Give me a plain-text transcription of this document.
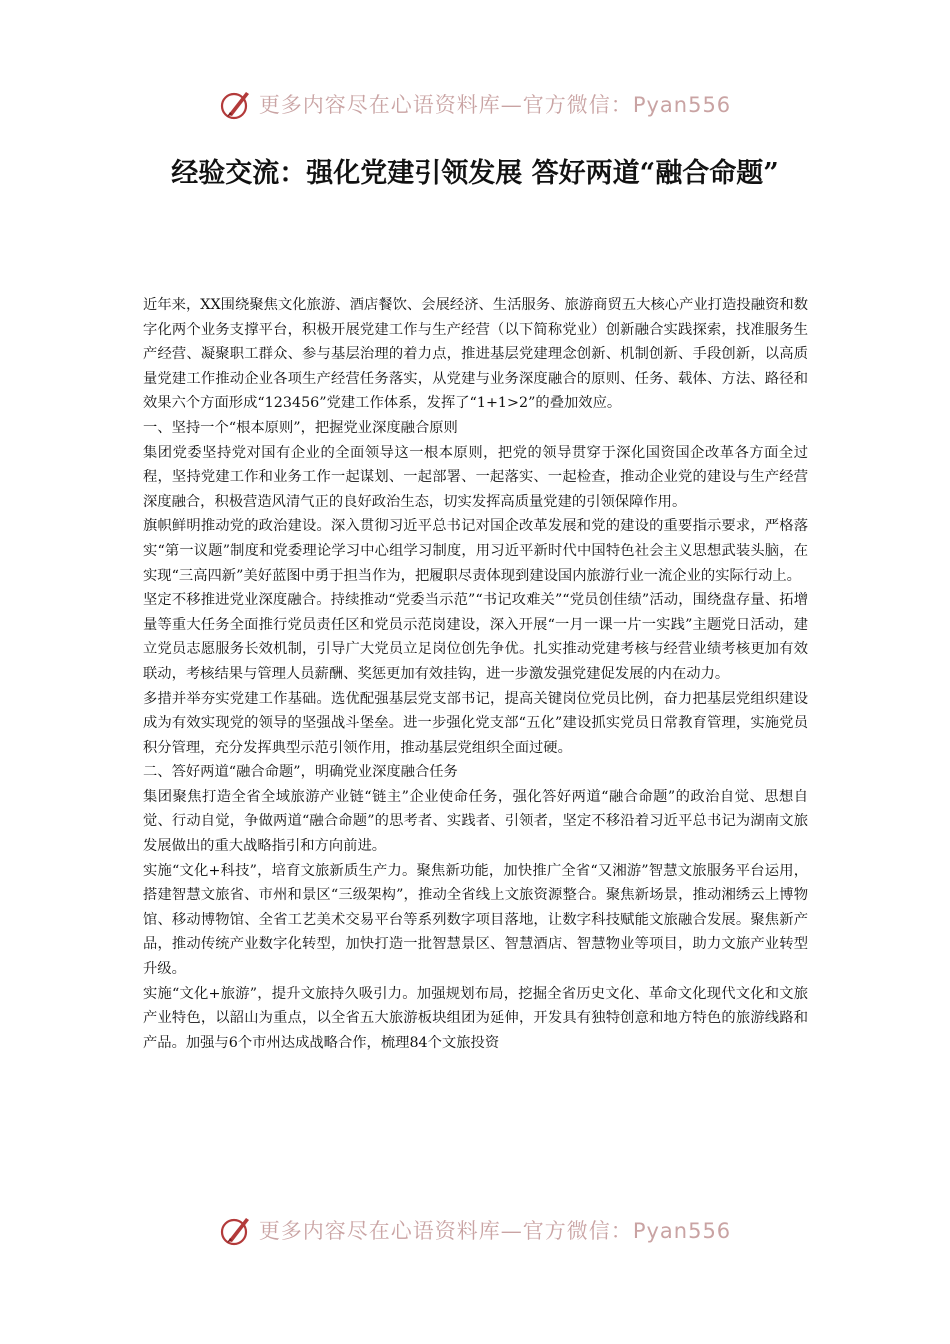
更多内容尽在心语资料库—官方微信：Pyan556
经验交流：强化党建引领发展 答好两道“融合命题”

近年来，XX围绕聚焦文化旅游、酒店餐饮、会展经济、生活服务、旅游商贸五大核心产业打造投融资和数字化两个业务支撑平台，积极开展党建工作与生产经营（以下简称党业）创新融合实践探索，找准服务生产经营、凝聚职工群众、参与基层治理的着力点，推进基层党建理念创新、机制创新、手段创新，以高质量党建工作推动企业各项生产经营任务落实，从党建与业务深度融合的原则、任务、载体、方法、路径和效果六个方面形成“123456”党建工作体系，发挥了“1+1>2”的叠加效应。

一、坚持一个“根本原则”，把握党业深度融合原则

集团党委坚持党对国有企业的全面领导这一根本原则，把党的领导贯穿于深化国资国企改革各方面全过程，坚持党建工作和业务工作一起谋划、一起部署、一起落实、一起检查，推动企业党的建设与生产经营深度融合，积极营造风清气正的良好政治生态，切实发挥高质量党建的引领保障作用。

旗帜鲜明推动党的政治建设。深入贯彻习近平总书记对国企改革发展和党的建设的重要指示要求，严格落实“第一议题”制度和党委理论学习中心组学习制度，用习近平新时代中国特色社会主义思想武装头脑，在实现“三高四新”美好蓝图中勇于担当作为，把履职尽责体现到建设国内旅游行业一流企业的实际行动上。

坚定不移推进党业深度融合。持续推动“党委当示范”“书记攻难关”“党员创佳绩”活动，围绕盘存量、拓增量等重大任务全面推行党员责任区和党员示范岗建设，深入开展“一月一课一片一实践”主题党日活动，建立党员志愿服务长效机制，引导广大党员立足岗位创先争优。扎实推动党建考核与经营业绩考核更加有效联动，考核结果与管理人员薪酬、奖惩更加有效挂钩，进一步激发强党建促发展的内在动力。

多措并举夯实党建工作基础。选优配强基层党支部书记，提高关键岗位党员比例，奋力把基层党组织建设成为有效实现党的领导的坚强战斗堡垒。进一步强化党支部“五化”建设抓实党员日常教育管理，实施党员积分管理，充分发挥典型示范引领作用，推动基层党组织全面过硬。

二、答好两道“融合命题”，明确党业深度融合任务

集团聚焦打造全省全域旅游产业链“链主”企业使命任务，强化答好两道“融合命题”的政治自觉、思想自觉、行动自觉，争做两道“融合命题”的思考者、实践者、引领者，坚定不移沿着习近平总书记为湖南文旅发展做出的重大战略指引和方向前进。

实施“文化+科技”，培育文旅新质生产力。聚焦新功能，加快推广全省“又湘游”智慧文旅服务平台运用，搭建智慧文旅省、市州和景区“三级架构”，推动全省线上文旅资源整合。聚焦新场景，推动湘绣云上博物馆、移动博物馆、全省工艺美术交易平台等系列数字项目落地，让数字科技赋能文旅融合发展。聚焦新产品，推动传统产业数字化转型，加快打造一批智慧景区、智慧酒店、智慧物业等项目，助力文旅产业转型升级。

实施“文化+旅游”，提升文旅持久吸引力。加强规划布局，挖掘全省历史文化、革命文化现代文化和文旅产业特色，以韶山为重点，以全省五大旅游板块组团为延伸，开发具有独特创意和地方特色的旅游线路和产品。加强与6个市州达成战略合作，梳理84个文旅投资

更多内容尽在心语资料库—官方微信：Pyan556
